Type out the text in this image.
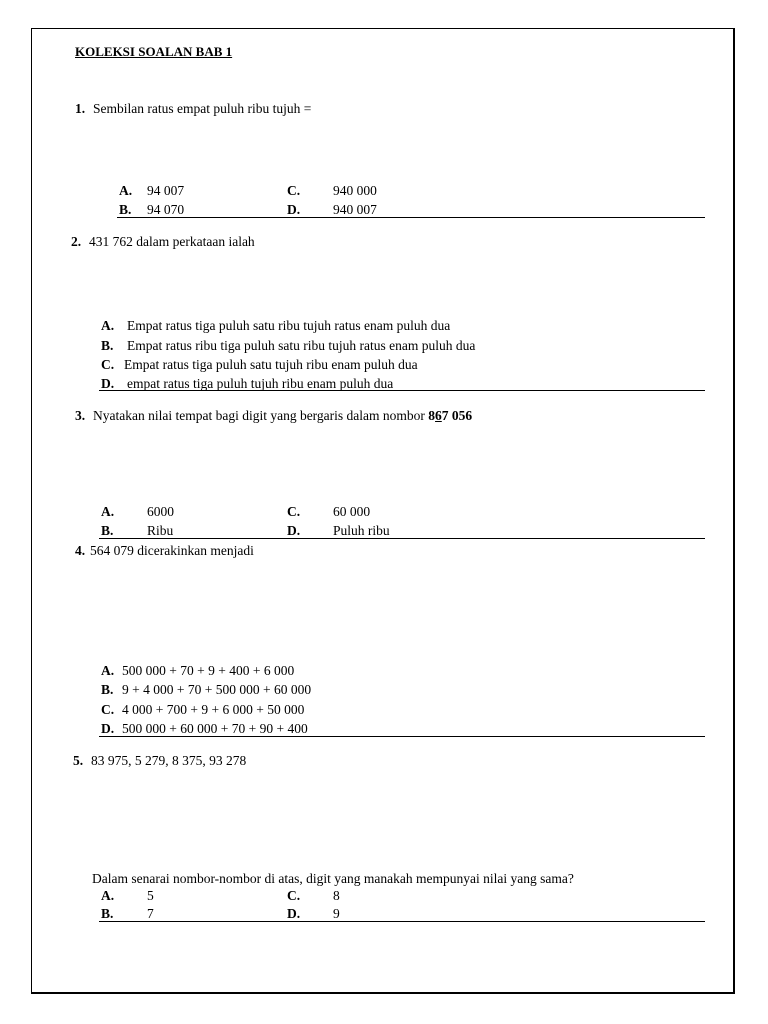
KOLEKSI SOALAN BAB 1
1. Sembilan ratus empat puluh ribu tujuh =
A. 94 007	C. 940 000
B. 94 070	D. 940 007
2. 431 762 dalam perkataan ialah
A. Empat ratus tiga puluh satu ribu tujuh ratus enam puluh dua
B. Empat ratus ribu tiga puluh satu ribu tujuh ratus enam puluh dua
C. Empat ratus tiga puluh satu tujuh ribu enam puluh dua
D. empat ratus tiga puluh tujuh ribu enam puluh dua
3. Nyatakan nilai tempat bagi digit yang bergaris dalam nombor 867 056
A. 6000	C. 60 000
B. Ribu	D. Puluh ribu
4. 564 079 dicerakinkan menjadi
A. 500 000 + 70 + 9 + 400 + 6 000
B. 9 + 4 000 + 70 + 500 000 + 60 000
C. 4 000 + 700 + 9 + 6 000 + 50 000
D. 500 000 + 60 000 + 70 + 90 + 400
5. 83 975, 5 279, 8 375, 93 278
Dalam senarai nombor-nombor di atas, digit yang manakah mempunyai nilai yang sama?
A. 5	C. 8
B. 7	D. 9
